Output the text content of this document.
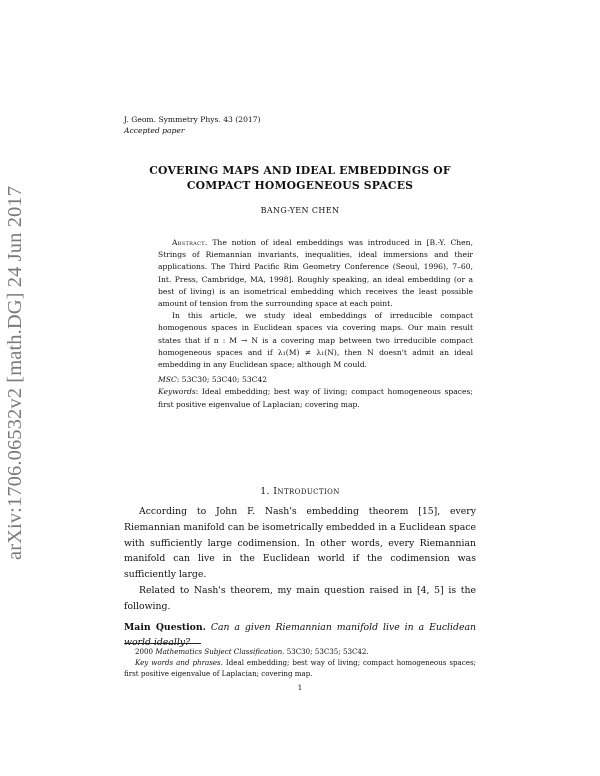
arXiv:1706.06532v2 [math.DG] 24 Jun 2017
J. Geom. Symmetry Phys. 43 (2017)
Accepted paper
COVERING MAPS AND IDEAL EMBEDDINGS OF
COMPACT HOMOGENEOUS SPACES
BANG-YEN CHEN

Abstract. The notion of ideal embeddings was introduced in [B.-Y. Chen, Strings of Riemannian invariants, inequalities, ideal immersions and their applications. The Third Pacific Rim Geometry Conference (Seoul, 1996), 7–60, Int. Press, Cambridge, MA, 1998]. Roughly speaking, an ideal embedding (or a best of living) is an isometrical embedding which receives the least possible amount of tension from the surrounding space at each point.

In this article, we study ideal embeddings of irreducible compact homogenous spaces in Euclidean spaces via covering maps. Our main result states that if π : M → N is a covering map between two irreducible compact homogeneous spaces and if λ₁(M) ≠ λ₁(N), then N doesn't admit an ideal embedding in any Euclidean space; although M could.

MSC: 53C30; 53C40; 53C42

Keywords: Ideal embedding; best way of living; compact homogeneous spaces; first positive eigenvalue of Laplacian; covering map.

1. Introduction

According to John F. Nash's embedding theorem [15], every Riemannian manifold can be isometrically embedded in a Euclidean space with sufficiently large codimension. In other words, every Riemannian manifold can live in the Euclidean world if the codimension was sufficiently large.

Related to Nash's theorem, my main question raised in [4, 5] is the following.

Main Question. Can a given Riemannian manifold live in a Euclidean world ideally?

2000 Mathematics Subject Classification. 53C30; 53C35; 53C42.

Key words and phrases. Ideal embedding; best way of living; compact homogeneous spaces; first positive eigenvalue of Laplacian; covering map.

1
